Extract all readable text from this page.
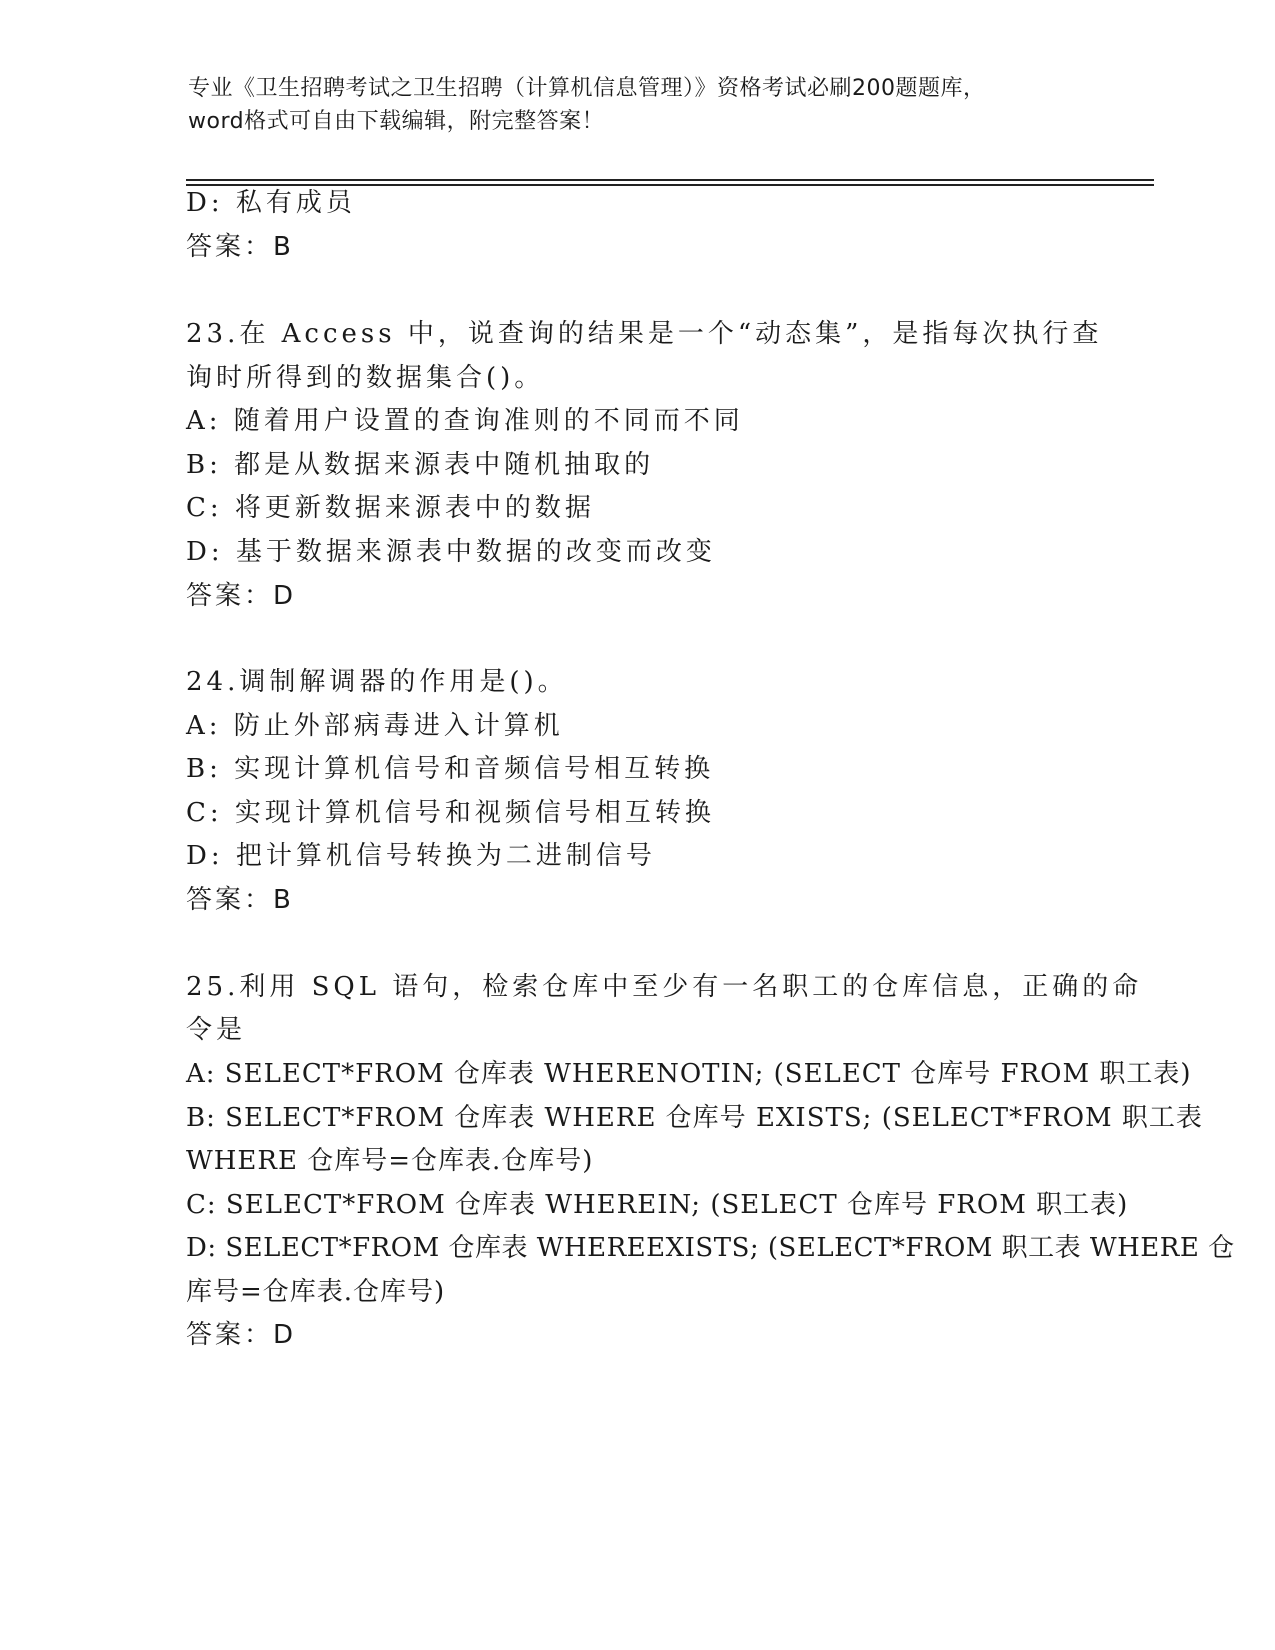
专业《卫生招聘考试之卫生招聘（计算机信息管理）》资格考试必刷200题题库，
word格式可自由下载编辑，附完整答案！
D: 私有成员
答案：B
23.在 Access 中，说查询的结果是一个“动态集”，是指每次执行查
询时所得到的数据集合()。
A: 随着用户设置的查询准则的不同而不同
B: 都是从数据来源表中随机抽取的
C: 将更新数据来源表中的数据
D: 基于数据来源表中数据的改变而改变
答案：D
24.调制解调器的作用是()。
A: 防止外部病毒进入计算机
B: 实现计算机信号和音频信号相互转换
C: 实现计算机信号和视频信号相互转换
D: 把计算机信号转换为二进制信号
答案：B
25.利用 SQL 语句，检索仓库中至少有一名职工的仓库信息，正确的命
令是
A: SELECT*FROM 仓库表 WHERENOTIN; (SELECT 仓库号 FROM 职工表)
B: SELECT*FROM 仓库表 WHERE 仓库号 EXISTS; (SELECT*FROM 职工表
WHERE 仓库号=仓库表.仓库号)
C: SELECT*FROM 仓库表 WHEREIN; (SELECT 仓库号 FROM 职工表)
D: SELECT*FROM 仓库表 WHEREEXISTS; (SELECT*FROM 职工表 WHERE 仓
库号=仓库表.仓库号)
答案：D
